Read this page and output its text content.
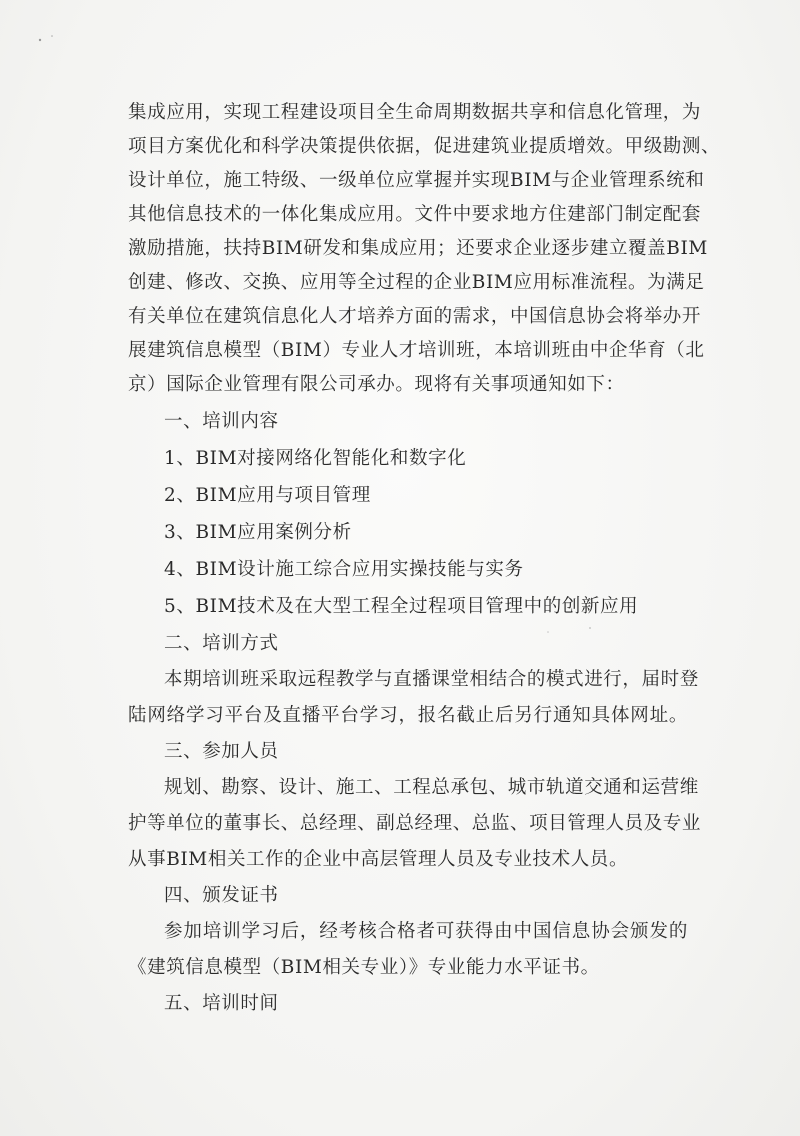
集成应用，实现工程建设项目全生命周期数据共享和信息化管理，为
项目方案优化和科学决策提供依据，促进建筑业提质增效。甲级勘测、
设计单位，施工特级、一级单位应掌握并实现BIM与企业管理系统和
其他信息技术的一体化集成应用。文件中要求地方住建部门制定配套
激励措施，扶持BIM研发和集成应用；还要求企业逐步建立覆盖BIM
创建、修改、交换、应用等全过程的企业BIM应用标准流程。为满足
有关单位在建筑信息化人才培养方面的需求，中国信息协会将举办开
展建筑信息模型（BIM）专业人才培训班，本培训班由中企华育（北
京）国际企业管理有限公司承办。现将有关事项通知如下：
一、培训内容
1、BIM对接网络化智能化和数字化
2、BIM应用与项目管理
3、BIM应用案例分析
4、BIM设计施工综合应用实操技能与实务
5、BIM技术及在大型工程全过程项目管理中的创新应用
二、培训方式
本期培训班采取远程教学与直播课堂相结合的模式进行，届时登
陆网络学习平台及直播平台学习，报名截止后另行通知具体网址。
三、参加人员
规划、勘察、设计、施工、工程总承包、城市轨道交通和运营维
护等单位的董事长、总经理、副总经理、总监、项目管理人员及专业
从事BIM相关工作的企业中高层管理人员及专业技术人员。
四、颁发证书
参加培训学习后，经考核合格者可获得由中国信息协会颁发的
《建筑信息模型（BIM相关专业）》专业能力水平证书。
五、培训时间
